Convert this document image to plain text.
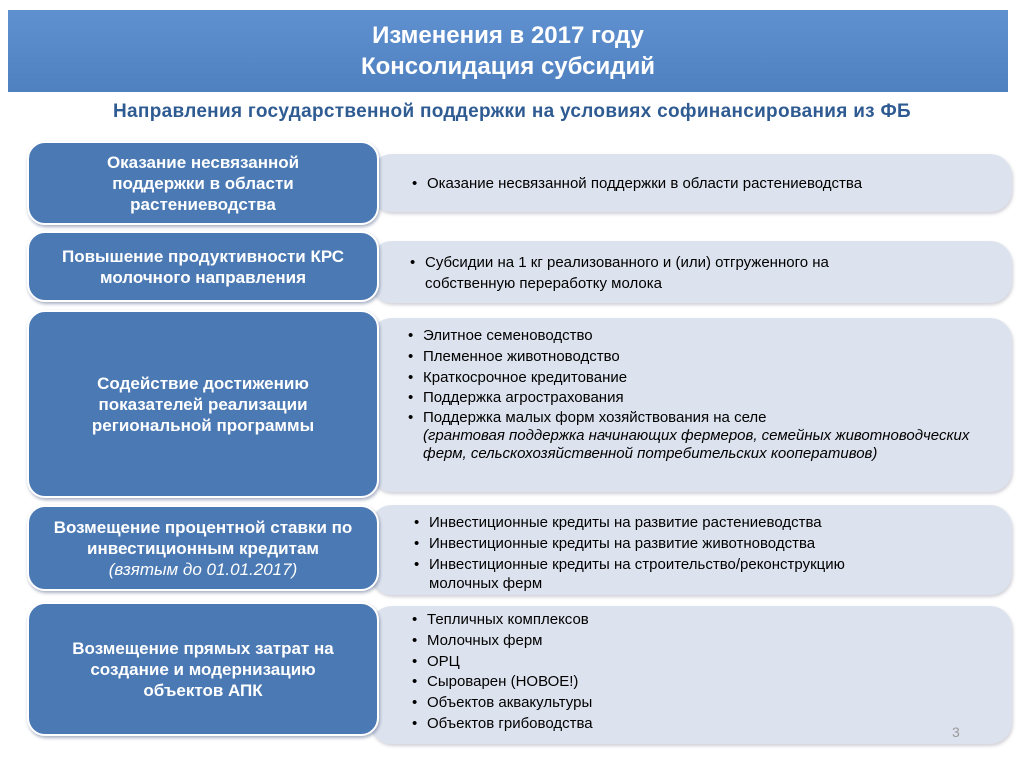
Изменения в 2017 году
Консолидация субсидий
Направления государственной поддержки на условиях софинансирования из ФБ
• Оказание несвязанной поддержки в области растениеводства
Оказание несвязанной поддержки в области растениеводства
• Субсидии на 1 кг реализованного и (или) отгруженного на собственную переработку молока
Повышение продуктивности КРС молочного направления
• Элитное семеноводство
• Племенное животноводство
• Краткосрочное кредитование
• Поддержка агрострахования
• Поддержка малых форм хозяйствования на селе
(грантовая поддержка начинающих фермеров, семейных животноводческих ферм, сельскохозяйственной потребительских кооперативов)
Содействие достижению показателей реализации региональной программы
• Инвестиционные кредиты на развитие растениеводства
• Инвестиционные кредиты на развитие животноводства
• Инвестиционные кредиты на строительство/реконструкцию молочных ферм
Возмещение процентной ставки по инвестиционным кредитам
(взятым до 01.01.2017)
• Тепличных комплексов
• Молочных ферм
• ОРЦ
• Сыроварен (НОВОЕ!)
• Объектов аквакультуры
• Объектов грибоводства
Возмещение прямых затрат на создание и модернизацию объектов АПК
3
